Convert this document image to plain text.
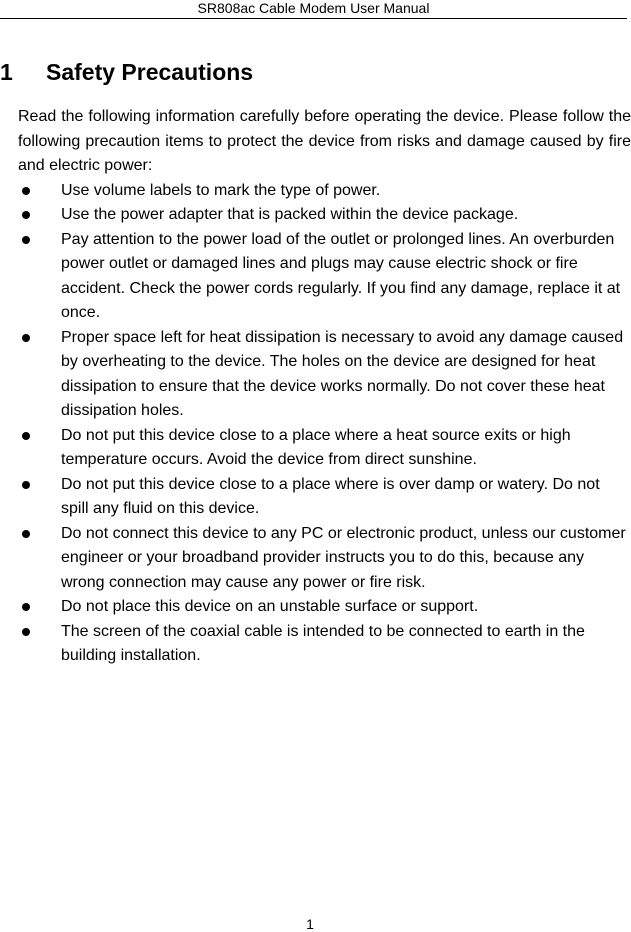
SR808ac Cable Modem User Manual
1 Safety Precautions

Read the following information carefully before operating the device. Please follow the following precaution items to protect the device from risks and damage caused by fire and electric power:

Use volume labels to mark the type of power.
Use the power adapter that is packed within the device package.
Pay attention to the power load of the outlet or prolonged lines. An overburden power outlet or damaged lines and plugs may cause electric shock or fire accident. Check the power cords regularly. If you find any damage, replace it at once.
Proper space left for heat dissipation is necessary to avoid any damage caused by overheating to the device. The holes on the device are designed for heat dissipation to ensure that the device works normally. Do not cover these heat dissipation holes.
Do not put this device close to a place where a heat source exits or high temperature occurs. Avoid the device from direct sunshine.
Do not put this device close to a place where is over damp or watery. Do not spill any fluid on this device.
Do not connect this device to any PC or electronic product, unless our customer engineer or your broadband provider instructs you to do this, because any wrong connection may cause any power or fire risk.
Do not place this device on an unstable surface or support.
The screen of the coaxial cable is intended to be connected to earth in the building installation.
1
